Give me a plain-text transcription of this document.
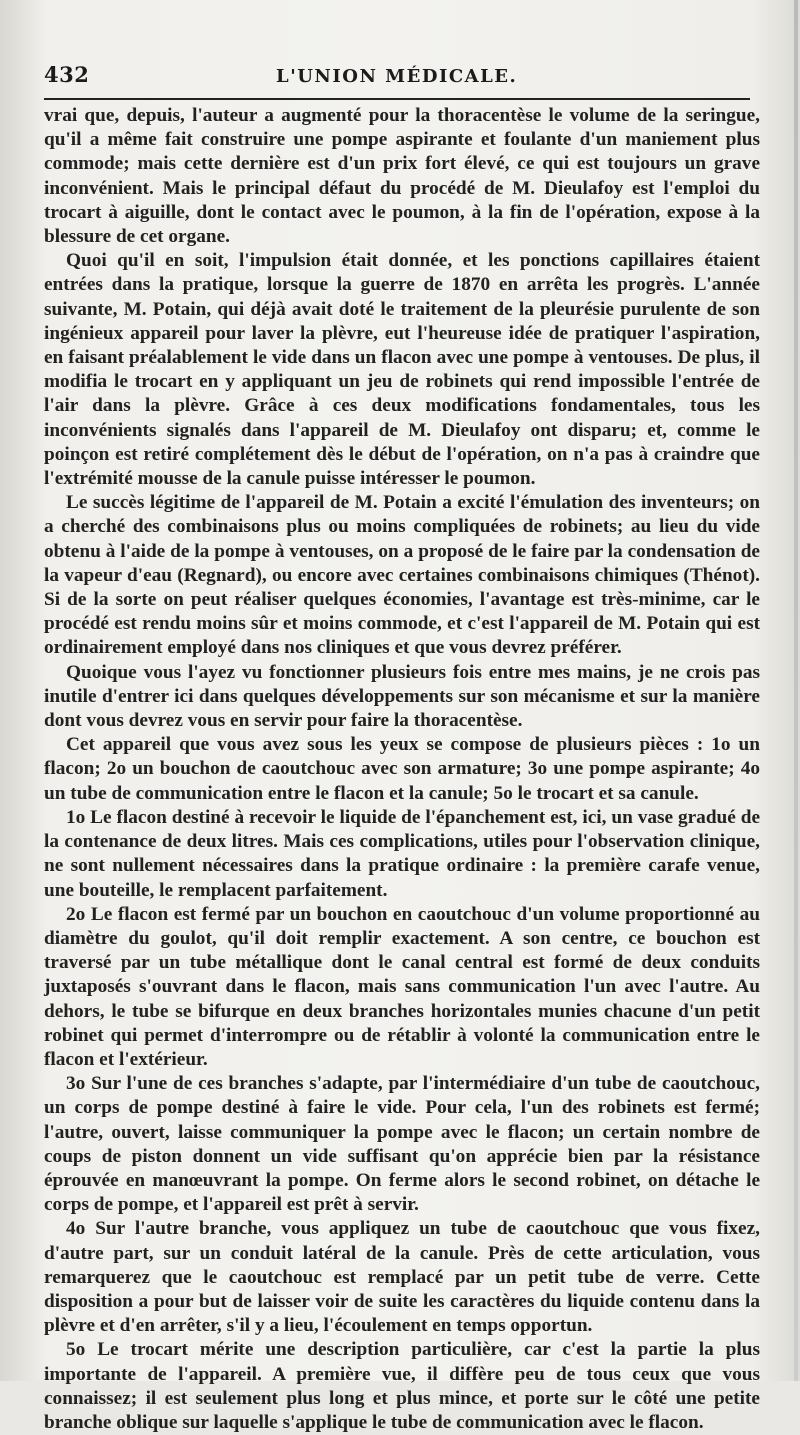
432	L'UNION MÉDICALE.

vrai que, depuis, l'auteur a augmenté pour la thoracentèse le volume de la seringue, qu'il a même fait construire une pompe aspirante et foulante d'un maniement plus commode; mais cette dernière est d'un prix fort élevé, ce qui est toujours un grave inconvénient. Mais le principal défaut du procédé de M. Dieulafoy est l'emploi du trocart à aiguille, dont le contact avec le poumon, à la fin de l'opération, expose à la blessure de cet organe.

Quoi qu'il en soit, l'impulsion était donnée, et les ponctions capillaires étaient entrées dans la pratique, lorsque la guerre de 1870 en arrêta les progrès. L'année suivante, M. Potain, qui déjà avait doté le traitement de la pleurésie purulente de son ingénieux appareil pour laver la plèvre, eut l'heureuse idée de pratiquer l'aspiration, en faisant préalablement le vide dans un flacon avec une pompe à ventouses. De plus, il modifia le trocart en y appliquant un jeu de robinets qui rend impossible l'entrée de l'air dans la plèvre. Grâce à ces deux modifications fondamentales, tous les inconvénients signalés dans l'appareil de M. Dieulafoy ont disparu; et, comme le poinçon est retiré complétement dès le début de l'opération, on n'a pas à craindre que l'extrémité mousse de la canule puisse intéresser le poumon.

Le succès légitime de l'appareil de M. Potain a excité l'émulation des inventeurs; on a cherché des combinaisons plus ou moins compliquées de robinets; au lieu du vide obtenu à l'aide de la pompe à ventouses, on a proposé de le faire par la condensation de la vapeur d'eau (Regnard), ou encore avec certaines combinaisons chimiques (Thénot). Si de la sorte on peut réaliser quelques économies, l'avantage est très-minime, car le procédé est rendu moins sûr et moins commode, et c'est l'appareil de M. Potain qui est ordinairement employé dans nos cliniques et que vous devrez préférer.

Quoique vous l'ayez vu fonctionner plusieurs fois entre mes mains, je ne crois pas inutile d'entrer ici dans quelques développements sur son mécanisme et sur la manière dont vous devrez vous en servir pour faire la thoracentèse.

Cet appareil que vous avez sous les yeux se compose de plusieurs pièces : 1o un flacon; 2o un bouchon de caoutchouc avec son armature; 3o une pompe aspirante; 4o un tube de communication entre le flacon et la canule; 5o le trocart et sa canule.

1o Le flacon destiné à recevoir le liquide de l'épanchement est, ici, un vase gradué de la contenance de deux litres. Mais ces complications, utiles pour l'observation clinique, ne sont nullement nécessaires dans la pratique ordinaire : la première carafe venue, une bouteille, le remplacent parfaitement.

2o Le flacon est fermé par un bouchon en caoutchouc d'un volume proportionné au diamètre du goulot, qu'il doit remplir exactement. A son centre, ce bouchon est traversé par un tube métallique dont le canal central est formé de deux conduits juxtaposés s'ouvrant dans le flacon, mais sans communication l'un avec l'autre. Au dehors, le tube se bifurque en deux branches horizontales munies chacune d'un petit robinet qui permet d'interrompre ou de rétablir à volonté la communication entre le flacon et l'extérieur.

3o Sur l'une de ces branches s'adapte, par l'intermédiaire d'un tube de caoutchouc, un corps de pompe destiné à faire le vide. Pour cela, l'un des robinets est fermé; l'autre, ouvert, laisse communiquer la pompe avec le flacon; un certain nombre de coups de piston donnent un vide suffisant qu'on apprécie bien par la résistance éprouvée en manœuvrant la pompe. On ferme alors le second robinet, on détache le corps de pompe, et l'appareil est prêt à servir.

4o Sur l'autre branche, vous appliquez un tube de caoutchouc que vous fixez, d'autre part, sur un conduit latéral de la canule. Près de cette articulation, vous remarquerez que le caoutchouc est remplacé par un petit tube de verre. Cette disposition a pour but de laisser voir de suite les caractères du liquide contenu dans la plèvre et d'en arrêter, s'il y a lieu, l'écoulement en temps opportun.

5o Le trocart mérite une description particulière, car c'est la partie la plus importante de l'appareil. A première vue, il diffère peu de tous ceux que vous connaissez; il est seulement plus long et plus mince, et porte sur le côté une petite branche oblique sur laquelle s'applique le tube de communication avec le flacon.
